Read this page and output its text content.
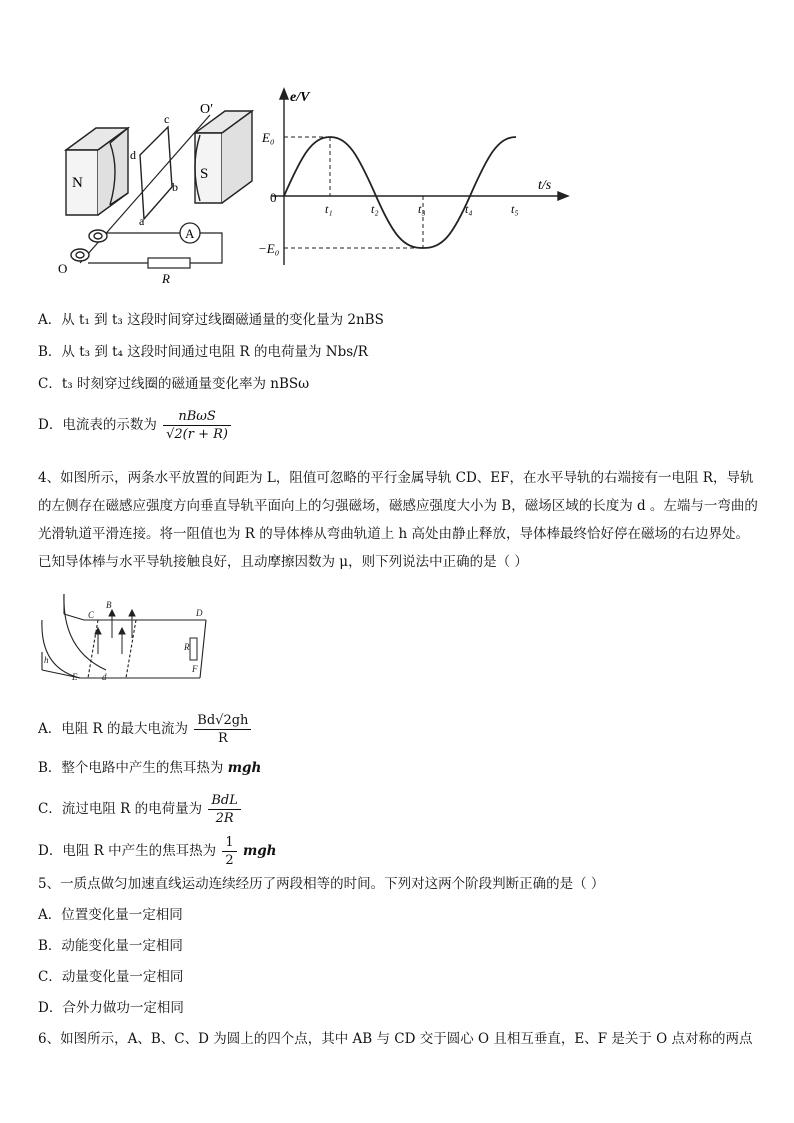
N
S
c
d
b
a
O′
O
A
R
e/V
t/s
0
E₀
−E₀
t₁	t₂	t₃	t₄	t₅
A．从 t₁ 到 t₃ 这段时间穿过线圈磁通量的变化量为 2nBS
B．从 t₃ 到 t₄ 这段时间通过电阻 R 的电荷量为 Nbs/R
C．t₃ 时刻穿过线圈的磁通量变化率为 nBSω
D．电流表的示数为 $\frac{\text{nBωS}}{√2(r + R)}$
4、如图所示，两条水平放置的间距为 L，阻值可忽略的平行金属导轨 CD、EF，在水平导轨的右端接有一电阻 R，导轨的左侧存在磁感应强度方向垂直导轨平面向上的匀强磁场，磁感应强度大小为 B，磁场区域的长度为 d 。左端与一弯曲的光滑轨道平滑连接。将一阻值也为 R 的导体棒从弯曲轨道上 h 高处由静止释放，导体棒最终恰好停在磁场的右边界处。已知导体棒与水平导轨接触良好，且动摩擦因数为 μ，则下列说法中正确的是（ ）
C
B
D
h
R
F
E	d
A．电阻 R 的最大电流为 $\frac{Bd√2gh}{R}$
B．整个电路中产生的焦耳热为 mgh
C．流过电阻 R 的电荷量为 $\frac{\text{BdL}}{2R}$
D．电阻 R 中产生的焦耳热为 $\frac{1}{2}$ mgh
5、一质点做匀加速直线运动连续经历了两段相等的时间。下列对这两个阶段判断正确的是（ ）
A．位置变化量一定相同
B．动能变化量一定相同
C．动量变化量一定相同
D．合外力做功一定相同
6、如图所示，A、B、C、D 为圆上的四个点，其中 AB 与 CD 交于圆心 O 且相互垂直，E、F 是关于 O 点对称的两点
